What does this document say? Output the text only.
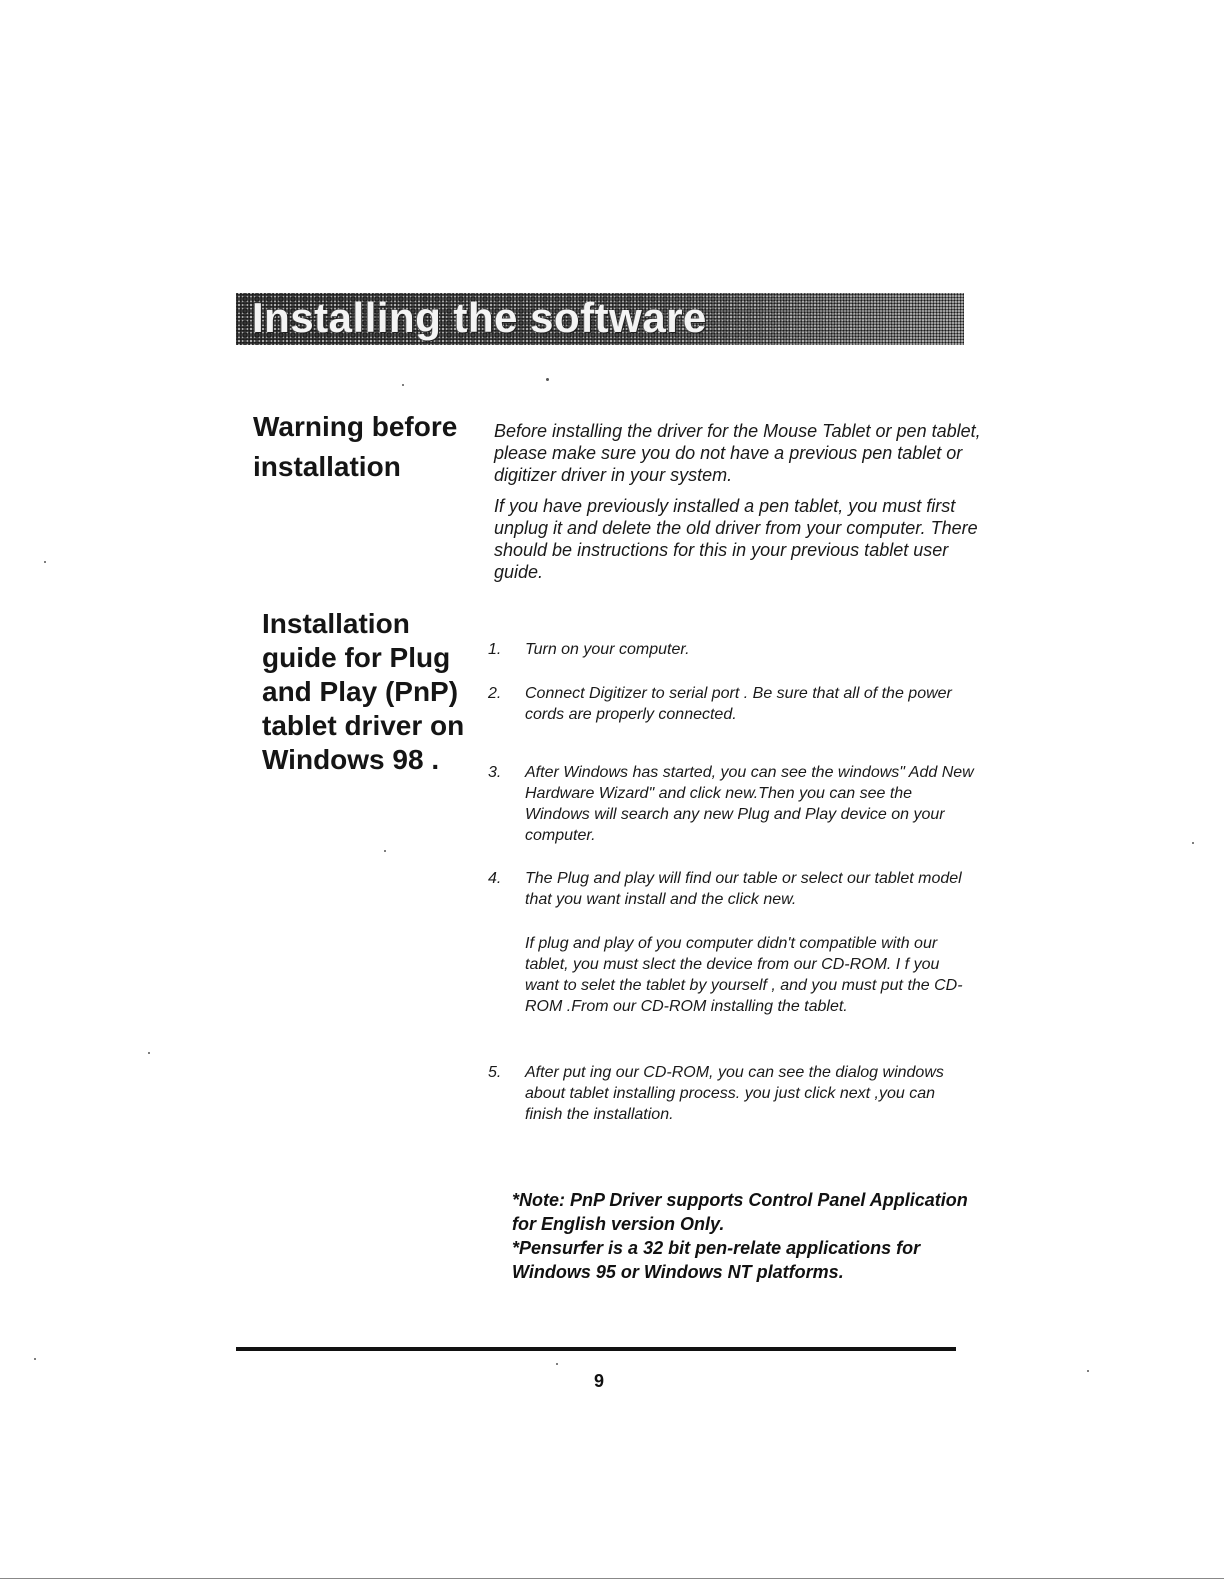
Installing the software
Warning before installation

Before installing the driver for the Mouse Tablet or pen tablet, please make sure you do not have a previous pen tablet or digitizer driver in your system.

If you have previously installed a pen tablet, you must first unplug it and delete the old driver from your computer. There should be instructions for this in your previous tablet user guide.

Installation guide for Plug and Play (PnP) tablet driver on Windows 98 .
1.	Turn on your computer.
2.	Connect Digitizer to serial port . Be sure that all of the power cords are properly connected.
3.	After Windows has started, you can see the windows" Add New Hardware Wizard" and click new.Then you can see the Windows will search any new Plug and Play device on your computer.
4.	The Plug and play will find our table or select our tablet model that you want install and the click new.
If plug and play of you computer didn't compatible with our tablet, you must slect the device from our CD-ROM. I f you want to selet the tablet by yourself , and you must put the CD-ROM .From our CD-ROM installing the tablet.
5.	After put ing our CD-ROM, you can see the dialog windows about tablet installing process. you just click next ,you can finish the installation.
*Note: PnP Driver supports Control Panel Application for English version Only.
*Pensurfer is a 32 bit pen-relate applications for Windows 95 or Windows NT platforms.
9
